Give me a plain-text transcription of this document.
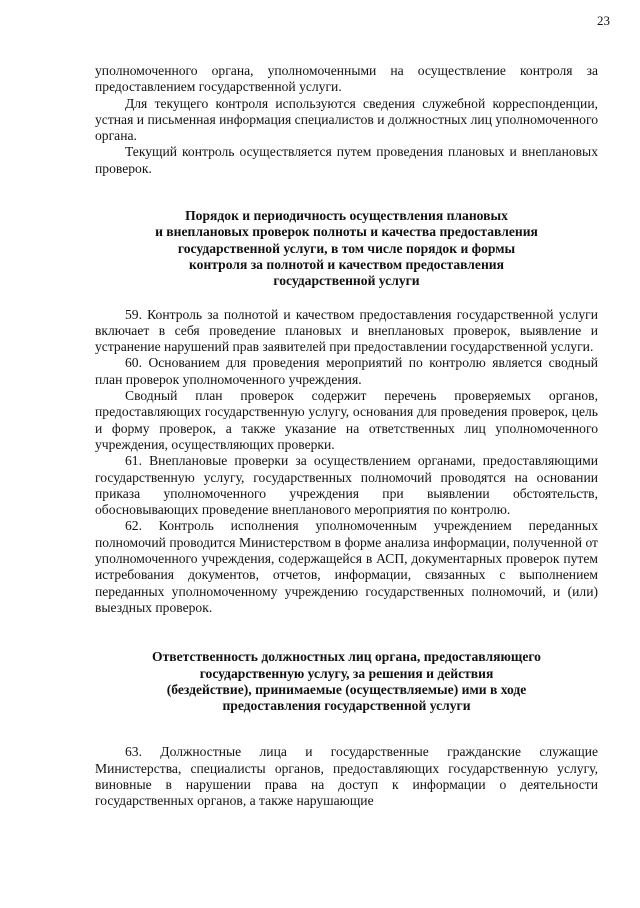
23

уполномоченного органа, уполномоченными на осуществление контроля за предоставлением государственной услуги.

Для текущего контроля используются сведения служебной корреспонденции, устная и письменная информация специалистов и должностных лиц уполномоченного органа.

Текущий контроль осуществляется путем проведения плановых и внеплановых проверок.

Порядок и периодичность осуществления плановых
и внеплановых проверок полноты и качества предоставления
государственной услуги, в том числе порядок и формы
контроля за полнотой и качеством предоставления
государственной услуги

59. Контроль за полнотой и качеством предоставления государственной услуги включает в себя проведение плановых и внеплановых проверок, выявление и устранение нарушений прав заявителей при предоставлении государственной услуги.

60. Основанием для проведения мероприятий по контролю является сводный план проверок уполномоченного учреждения.

Сводный план проверок содержит перечень проверяемых органов, предоставляющих государственную услугу, основания для проведения проверок, цель и форму проверок, а также указание на ответственных лиц уполномоченного учреждения, осуществляющих проверки.

61. Внеплановые проверки за осуществлением органами, предоставляющими государственную услугу, государственных полномочий проводятся на основании приказа уполномоченного учреждения при выявлении обстоятельств, обосновывающих проведение внепланового мероприятия по контролю.

62. Контроль исполнения уполномоченным учреждением переданных полномочий проводится Министерством в форме анализа информации, полученной от уполномоченного учреждения, содержащейся в АСП, документарных проверок путем истребования документов, отчетов, информации, связанных с выполнением переданных уполномоченному учреждению государственных полномочий, и (или) выездных проверок.

Ответственность должностных лиц органа, предоставляющего
государственную услугу, за решения и действия
(бездействие), принимаемые (осуществляемые) ими в ходе
предоставления государственной услуги

63. Должностные лица и государственные гражданские служащие Министерства, специалисты органов, предоставляющих государственную услугу, виновные в нарушении права на доступ к информации о деятельности государственных органов, а также нарушающие
